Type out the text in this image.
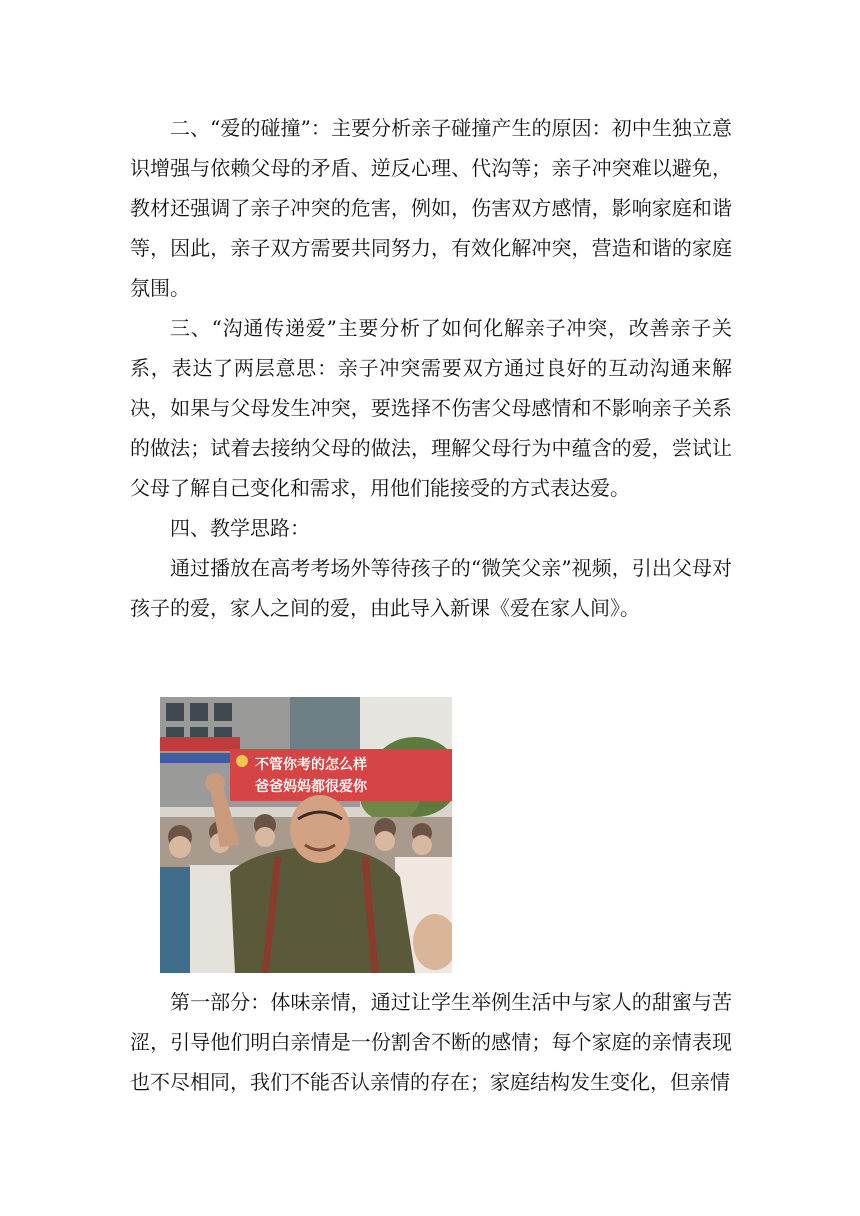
二、“爱的碰撞”：主要分析亲子碰撞产生的原因：初中生独立意识增强与依赖父母的矛盾、逆反心理、代沟等；亲子冲突难以避免，教材还强调了亲子冲突的危害，例如，伤害双方感情，影响家庭和谐等，因此，亲子双方需要共同努力，有效化解冲突，营造和谐的家庭氛围。

三、“沟通传递爱”主要分析了如何化解亲子冲突，改善亲子关系，表达了两层意思：亲子冲突需要双方通过良好的互动沟通来解决，如果与父母发生冲突，要选择不伤害父母感情和不影响亲子关系的做法；试着去接纳父母的做法，理解父母行为中蕴含的爱，尝试让父母了解自己变化和需求，用他们能接受的方式表达爱。

四、教学思路：

通过播放在高考考场外等待孩子的“微笑父亲”视频，引出父母对孩子的爱，家人之间的爱，由此导入新课《爱在家人间》。

不管你考的怎么样
爸爸妈妈都很爱你

第一部分：体味亲情，通过让学生举例生活中与家人的甜蜜与苦涩，引导他们明白亲情是一份割舍不断的感情；每个家庭的亲情表现也不尽相同，我们不能否认亲情的存在；家庭结构发生变化，但亲情
